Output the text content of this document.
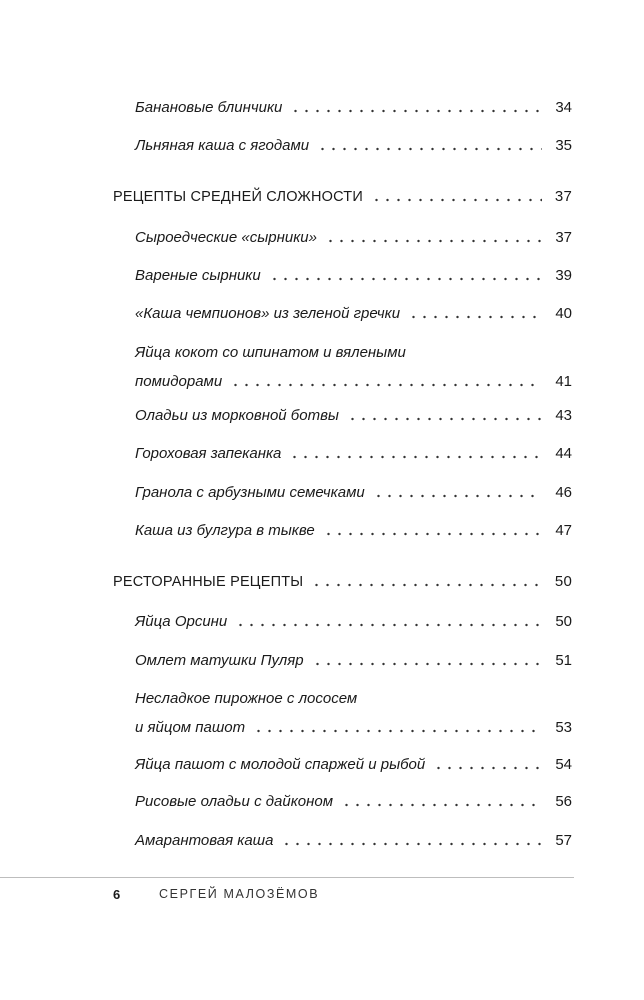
Банановые блинчики	34
Льняная каша с ягодами	35
РЕЦЕПТЫ СРЕДНЕЙ СЛОЖНОСТИ	37
Сыроедческие «сырники»	37
Вареные сырники	39
«Каша чемпионов» из зеленой гречки	40
Яйца кокот со шпинатом и вялеными
помидорами	41
Оладьи из морковной ботвы	43
Гороховая запеканка	44
Гранола с арбузными семечками	46
Каша из булгура в тыкве	47
РЕСТОРАННЫЕ РЕЦЕПТЫ	50
Яйца Орсини	50
Омлет матушки Пуляр	51
Несладкое пирожное с лососем
и яйцом пашот	53
Яйца пашот с молодой спаржей и рыбой	54
Рисовые оладьи с дайконом	56
Амарантовая каша	57
6	СЕРГЕЙ МАЛОЗЁМОВ
